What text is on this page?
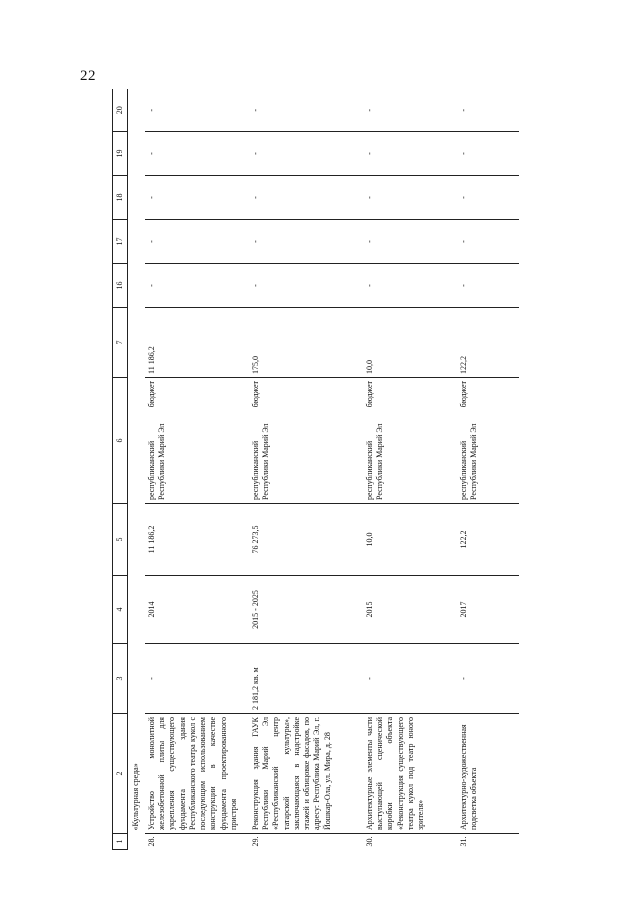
22
1	2	3	4	5	6	7	16	17	18	19	20
	«Культурная среда»										
28.	Устройство монолитной железобетонной плиты для укрепления существующего фундамента здания Республиканского театра кукол с последующим использованием конструкции в качестве фундамента проектированного пристроя	-	2014	11 186,2	республиканский бюджет Республики Марий Эл	11 186,2	-	-	-	-	-
29.	Реконструкция здания ГАУК Республики Марий Эл «Республиканский центр татарской культуры», заключающаяся в надстройке этажей и облицовке фасадов, по адресу: Республика Марий Эл, г. Йошкар-Ола, ул. Мира, д. 28	2 181,2 кв. м	2015 - 2025	76 273,5	республиканский бюджет Республики Марий Эл	175,0	-	-	-	-	-
30.	Архитектурные элементы части выступающей сценической коробки объекта «Реконструкция существующего театра кукол под театр юного зрителя»	-	2015	10,0	республиканский бюджет Республики Марий Эл	10,0	-	-	-	-	-
31.	Архитектурно-художественная подсветка объекта	-	2017	122,2	республиканский бюджет Республики Марий Эл	122,2	-	-	-	-	-
